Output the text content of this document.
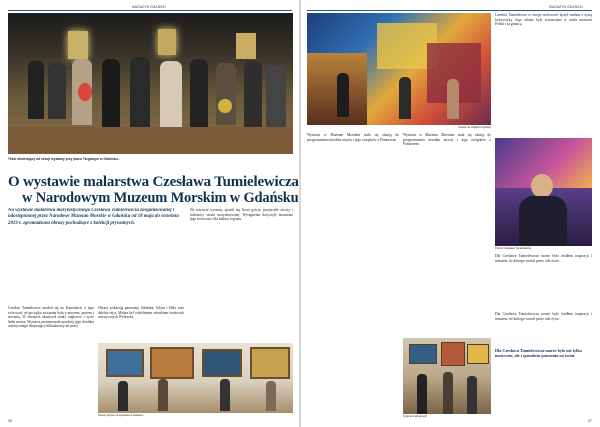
MAGAZYN GDAŃSKI
Tekst otwierający od sekcji wystawy przy placu Targowym w Gdańsku...
O wystawie malarstwa Czesława Tumielewicza
w Narodowym Muzeum Morskim w Gdańsku
Na wystawie malarstwa marynistycznego Czesława Tumielewicza zorganizowanej i udostępnionej przez Narodowe Muzeum Morskie w Gdańsku od 18 maja do września 2019 r. zgromadzono obrazy pochodzące z kolekcji prywatnych.
Na otwarciu wystawy zjawili się liczni goście, przyjaciele artysty i miłośnicy sztuki marynistycznej. Wystąpienia dotyczyły znaczenia jego twórczości dla kultury regionu.
Czesław Tumielewicz urodził się na Kaszubach, a jego twórczość od początku związana była z morzem, portem i stocznią. W obrazach ukazywał statki, żaglowce i życie ludzi morza. Wystawa prezentowała przekrój jego dorobku artystycznego obejmujący kilkadziesiąt lat pracy.
Obrazy pokazują panoramy Gdańska, Gdyni i Helu oraz dalekie rejsy. Malarz był wieloletnim członkiem środowisk artystycznych Wybrzeża.
Obrazy artysty na wystawie w Gdańsku
26
MAGAZYN GDAŃSKI
Goście na otwarciu wystawy
Czesław Tumielewicz w swojej twórczości łączył realizm z żywą kolorystyką. Jego obrazy były wystawiane w wielu miastach Polski i za granicą.
Wystawa w Muzeum Morskim stała się okazją do przypomnienia dorobku artysty i jego związków z Pomorzem.
Wystawa w Muzeum Morskim stała się okazją do przypomnienia dorobku artysty i jego związków z Pomorzem.
Portret Czesława Tumielewicza
Dla Czesława Tumielewicza morze było źródłem inspiracji i tematem, do którego wracał przez całe życie.
Fragment ekspozycji
Dla Czesława Tumielewicza morze było źródłem inspiracji i tematem, do którego wracał przez całe życie.
Dla Czesława Tumielewicza morze było nie tylko motywem, ale i sposobem patrzenia na świat.
27
